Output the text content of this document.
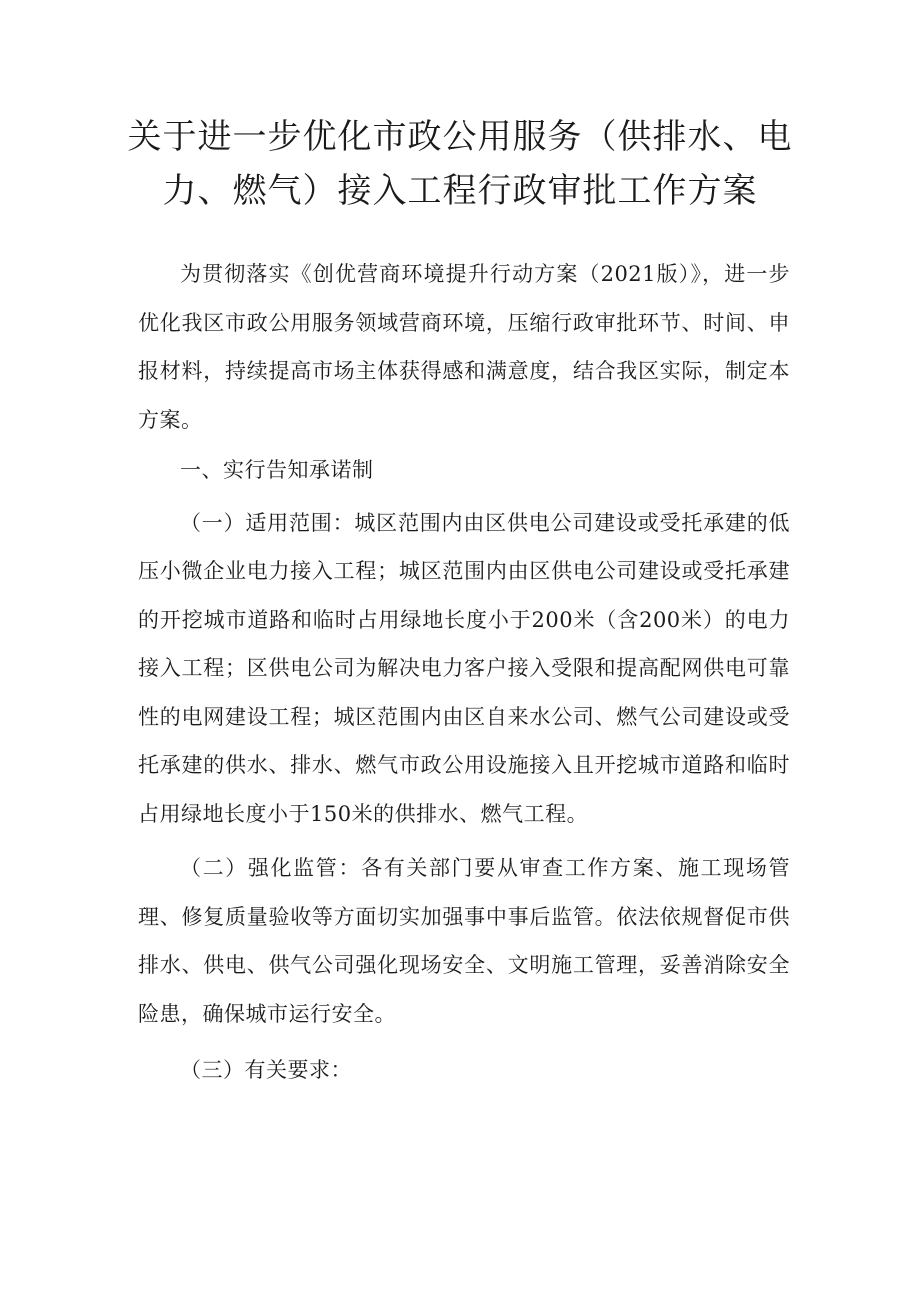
关于进一步优化市政公用服务（供排水、电
力、燃气）接入工程行政审批工作方案

为贯彻落实《创优营商环境提升行动方案（2021版）》，进一步优化我区市政公用服务领域营商环境，压缩行政审批环节、时间、申报材料，持续提高市场主体获得感和满意度，结合我区实际，制定本方案。

一、实行告知承诺制

（一）适用范围：城区范围内由区供电公司建设或受托承建的低压小微企业电力接入工程；城区范围内由区供电公司建设或受托承建的开挖城市道路和临时占用绿地长度小于200米（含200米）的电力接入工程；区供电公司为解决电力客户接入受限和提高配网供电可靠性的电网建设工程；城区范围内由区自来水公司、燃气公司建设或受托承建的供水、排水、燃气市政公用设施接入且开挖城市道路和临时占用绿地长度小于150米的供排水、燃气工程。

（二）强化监管：各有关部门要从审查工作方案、施工现场管理、修复质量验收等方面切实加强事中事后监管。依法依规督促市供排水、供电、供气公司强化现场安全、文明施工管理，妥善消除安全险患，确保城市运行安全。

（三）有关要求：
